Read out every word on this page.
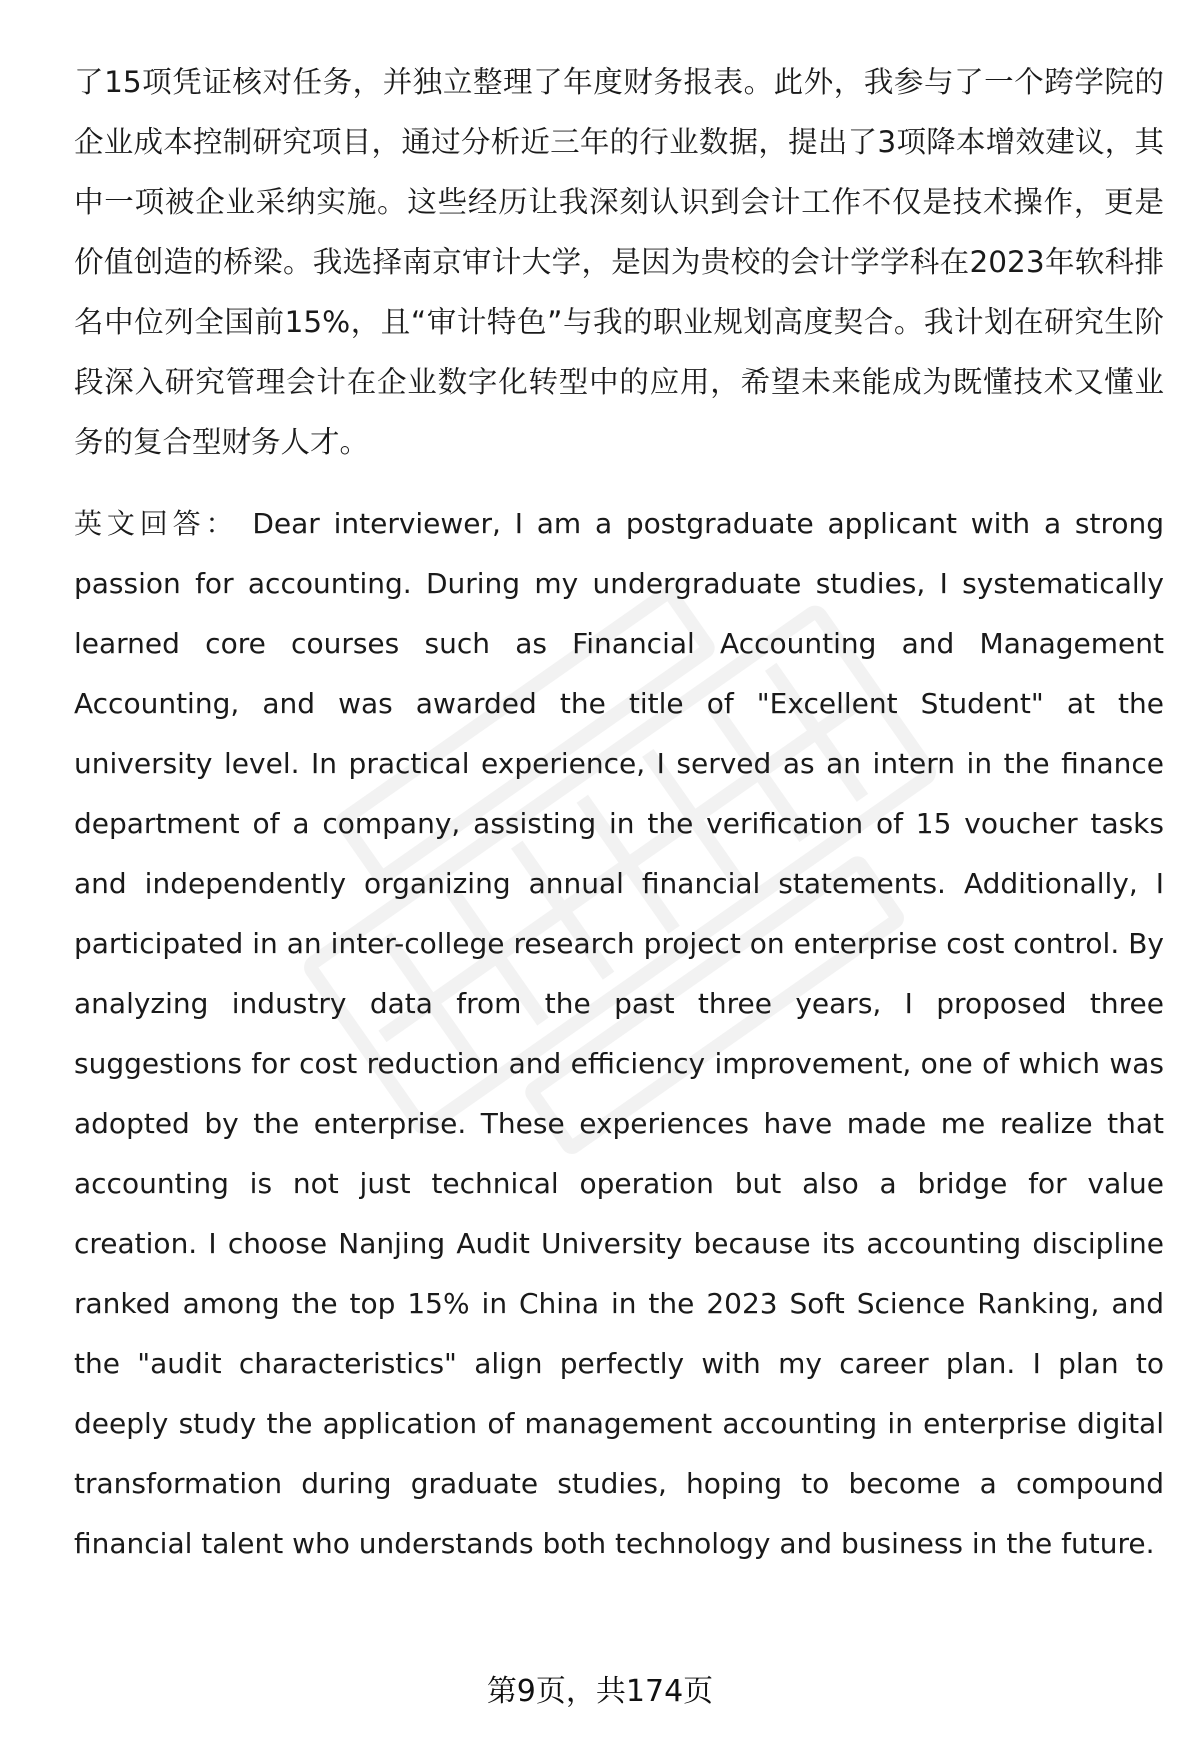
了15项凭证核对任务，并独立整理了年度财务报表。此外，我参与了一个跨学院的企业成本控制研究项目，通过分析近三年的行业数据，提出了3项降本增效建议，其中一项被企业采纳实施。这些经历让我深刻认识到会计工作不仅是技术操作，更是价值创造的桥梁。我选择南京审计大学，是因为贵校的会计学学科在2023年软科排名中位列全国前15%，且“审计特色”与我的职业规划高度契合。我计划在研究生阶段深入研究管理会计在企业数字化转型中的应用，希望未来能成为既懂技术又懂业务的复合型财务人才。

英文回答： Dear interviewer, I am a postgraduate applicant with a strong passion for accounting. During my undergraduate studies, I systematically learned core courses such as Financial Accounting and Management Accounting, and was awarded the title of "Excellent Student" at the university level. In practical experience, I served as an intern in the finance department of a company, assisting in the verification of 15 voucher tasks and independently organizing annual financial statements. Additionally, I participated in an inter-college research project on enterprise cost control. By analyzing industry data from the past three years, I proposed three suggestions for cost reduction and efficiency improvement, one of which was adopted by the enterprise. These experiences have made me realize that accounting is not just technical operation but also a bridge for value creation. I choose Nanjing Audit University because its accounting discipline ranked among the top 15% in China in the 2023 Soft Science Ranking, and the "audit characteristics" align perfectly with my career plan. I plan to deeply study the application of management accounting in enterprise digital transformation during graduate studies, hoping to become a compound financial talent who understands both technology and business in the future.

第9页，共174页
